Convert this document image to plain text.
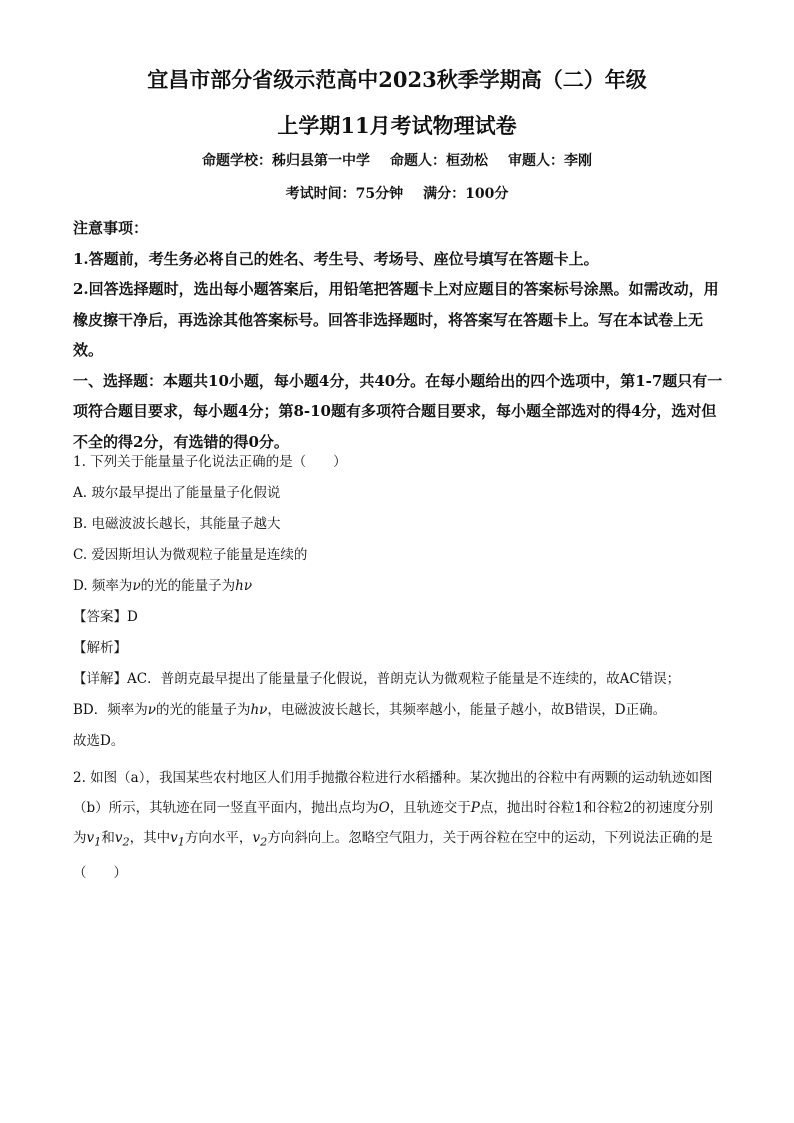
宜昌市部分省级示范高中2023秋季学期高（二）年级
上学期11月考试物理试卷
命题学校：秭归县第一中学 命题人：桓劲松 审题人：李刚
考试时间：75分钟 满分：100分

注意事项：

1.答题前，考生务必将自己的姓名、考生号、考场号、座位号填写在答题卡上。

2.回答选择题时，选出每小题答案后，用铅笔把答题卡上对应题目的答案标号涂黑。如需改动，用橡皮擦干净后，再选涂其他答案标号。回答非选择题时，将答案写在答题卡上。写在本试卷上无效。

一、选择题：本题共10小题，每小题4分，共40分。在每小题给出的四个选项中，第1-7题只有一项符合题目要求，每小题4分；第8-10题有多项符合题目要求，每小题全部选对的得4分，选对但不全的得2分，有选错的得0分。

1. 下列关于能量量子化说法正确的是（　　）

A. 玻尔最早提出了能量量子化假说

B. 电磁波波长越长，其能量子越大

C. 爱因斯坦认为微观粒子能量是连续的

D. 频率为ν的光的能量子为hν

【答案】D

【解析】

【详解】AC．普朗克最早提出了能量量子化假说，普朗克认为微观粒子能量是不连续的，故AC错误；
BD．频率为ν的光的能量子为hν，电磁波波长越长，其频率越小，能量子越小，故B错误，D正确。

故选D。

2. 如图（a），我国某些农村地区人们用手抛撒谷粒进行水稻播种。某次抛出的谷粒中有两颗的运动轨迹如图（b）所示，其轨迹在同一竖直平面内，抛出点均为O，且轨迹交于P点，抛出时谷粒1和谷粒2的初速度分别为$v_1$和$v_2$，其中$v_1$方向水平，$v_2$方向斜向上。忽略空气阻力，关于两谷粒在空中的运动，下列说法正确的是（　　）
